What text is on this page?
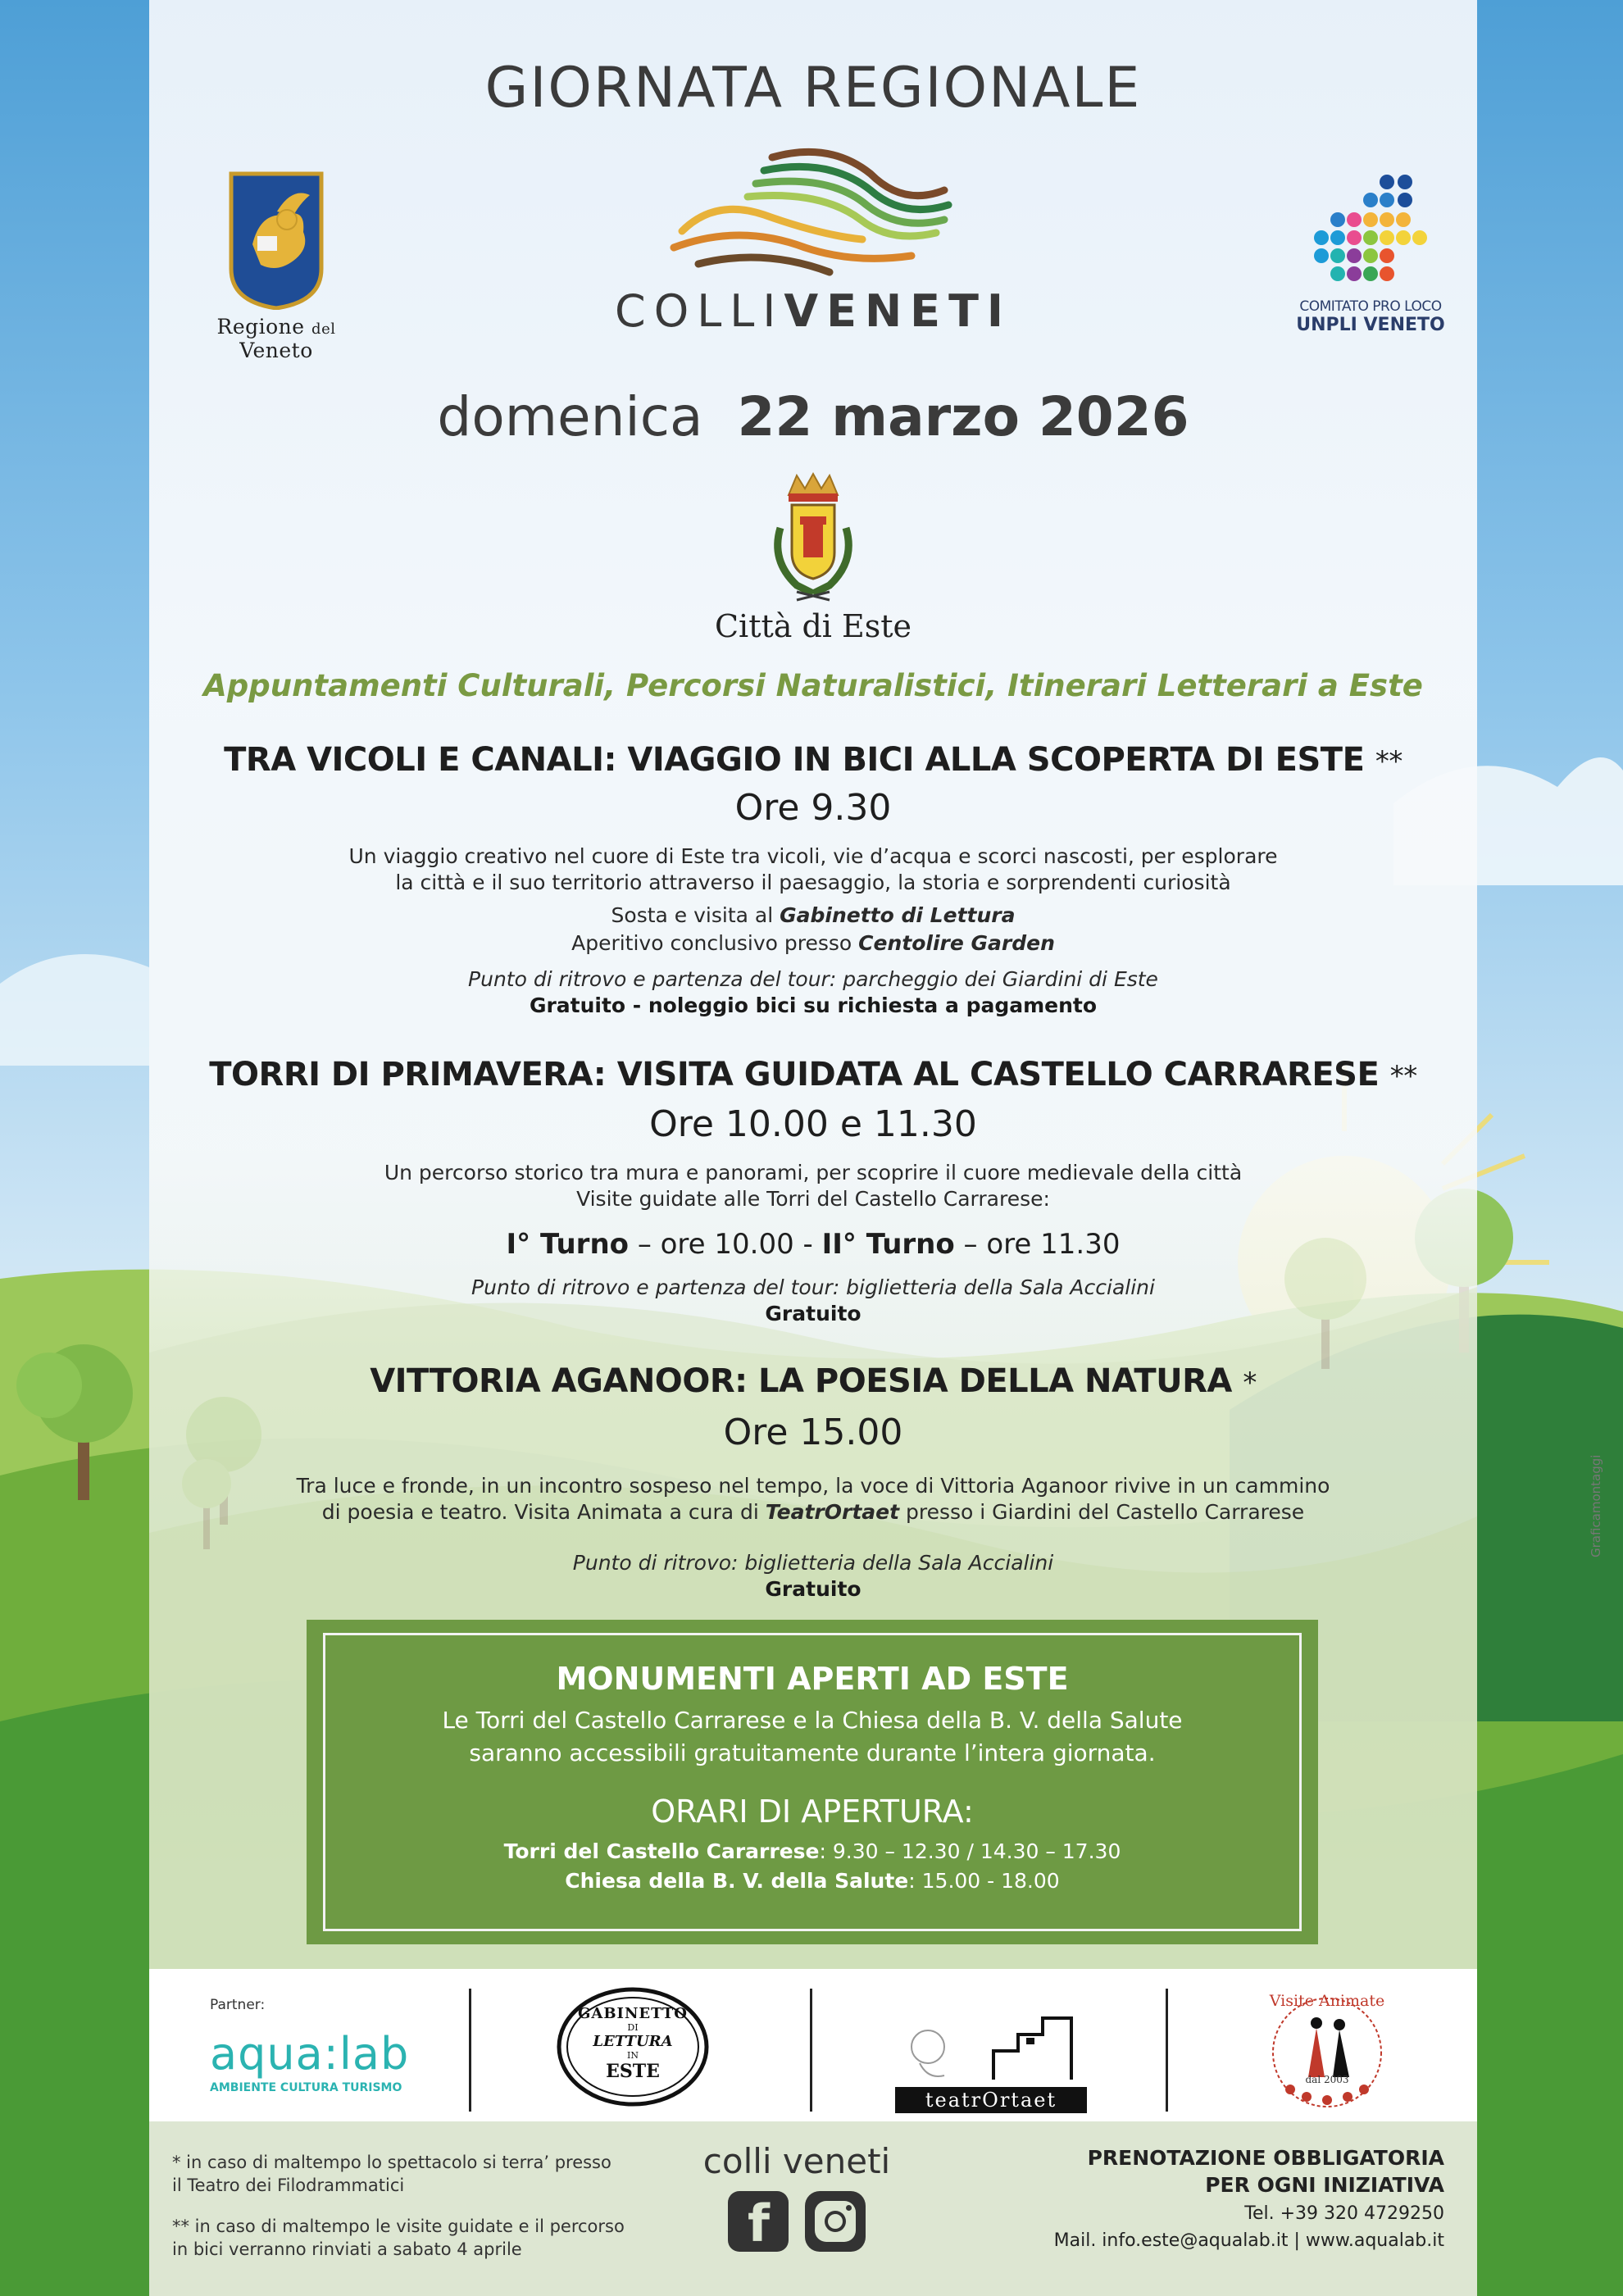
Graficamontaggi
GIORNATA REGIONALE
Regione del Veneto
COLLIVENETI	COMITATO PRO LOCO
UNPLI VENETO
domenica 22 marzo 2026
Città di Este
Appuntamenti Culturali, Percorsi Naturalistici, Itinerari Letterari a Este
TRA VICOLI E CANALI: VIAGGIO IN BICI ALLA SCOPERTA DI ESTE **
Ore 9.30
Un viaggio creativo nel cuore di Este tra vicoli, vie d’acqua e scorci nascosti, per esplorare
la città e il suo territorio attraverso il paesaggio, la storia e sorprendenti curiosità
Sosta e visita al Gabinetto di Lettura
Aperitivo conclusivo presso Centolire Garden
Punto di ritrovo e partenza del tour: parcheggio dei Giardini di Este
Gratuito - noleggio bici su richiesta a pagamento
TORRI DI PRIMAVERA: VISITA GUIDATA AL CASTELLO CARRARESE **
Ore 10.00 e 11.30
Un percorso storico tra mura e panorami, per scoprire il cuore medievale della città
Visite guidate alle Torri del Castello Carrarese:
I° Turno – ore 10.00 - II° Turno – ore 11.30
Punto di ritrovo e partenza del tour: biglietteria della Sala Accialini
Gratuito
VITTORIA AGANOOR: LA POESIA DELLA NATURA *
Ore 15.00
Tra luce e fronde, in un incontro sospeso nel tempo, la voce di Vittoria Aganoor rivive in un cammino
di poesia e teatro. Visita Animata a cura di TeatrOrtaet presso i Giardini del Castello Carrarese
Punto di ritrovo: biglietteria della Sala Accialini
Gratuito
MONUMENTI APERTI AD ESTE
Le Torri del Castello Carrarese e la Chiesa della B. V. della Salute
saranno accessibili gratuitamente durante l’intera giornata.
ORARI DI APERTURA:
Torri del Castello Cararrese: 9.30 – 12.30 / 14.30 – 17.30
Chiesa della B. V. della Salute: 15.00 - 18.00
Partner:
aqua:lab
AMBIENTE CULTURA TURISMO
GABINETTO
DI
LETTURA
IN
ESTE
teatrOrtaet
Visite Animate
dal 2003
* in caso di maltempo lo spettacolo si terra’ presso
il Teatro dei Filodrammatici
** in caso di maltempo le visite guidate e il percorso
in bici verranno rinviati a sabato 4 aprile
colli veneti
f
PRENOTAZIONE OBBLIGATORIA
PER OGNI INIZIATIVA
Tel. +39 320 4729250
Mail. info.este@aqualab.it | www.aqualab.it
